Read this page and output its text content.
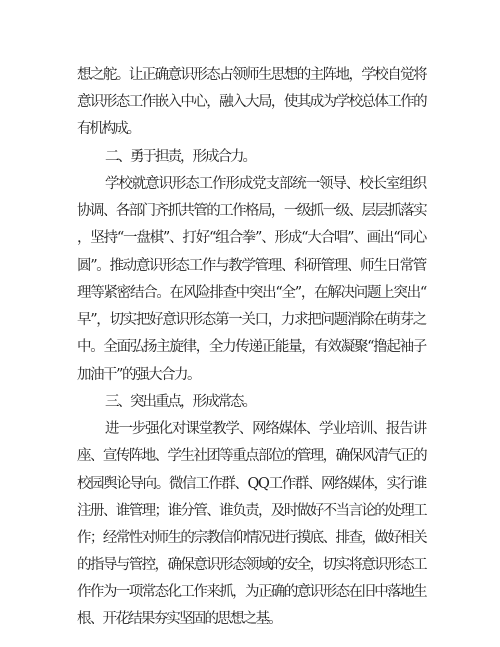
想之舵。让正确意识形态占领师生思想的主阵地，学校自觉将
意识形态工作嵌入中心，融入大局，使其成为学校总体工作的
有机构成。
二、勇于担责，形成合力。
学校就意识形态工作形成党支部统一领导、校长室组织
协调、各部门齐抓共管的工作格局，一级抓一级、层层抓落实
，坚持“一盘棋”、打好“组合拳”、形成“大合唱”、画出“同心
圆”。推动意识形态工作与教学管理、科研管理、师生日常管
理等紧密结合。在风险排查中突出“全”，在解决问题上突出“
早”，切实把好意识形态第一关口，力求把问题消除在萌芽之
中。全面弘扬主旋律，全力传递正能量，有效凝聚“撸起袖子
加油干”的强大合力。
三、突出重点，形成常态。
进一步强化对课堂教学、网络媒体、学业培训、报告讲
座、宣传阵地、学生社团等重点部位的管理，确保风清气正的
校园舆论导向。微信工作群、QQ工作群、网络媒体，实行谁
注册、谁管理；谁分管、谁负责，及时做好不当言论的处理工
作；经常性对师生的宗教信仰情况进行摸底、排查，做好相关
的指导与管控，确保意识形态领域的安全，切实将意识形态工
作作为一项常态化工作来抓，为正确的意识形态在旧中落地生
根、开花结果夯实坚固的思想之基。
